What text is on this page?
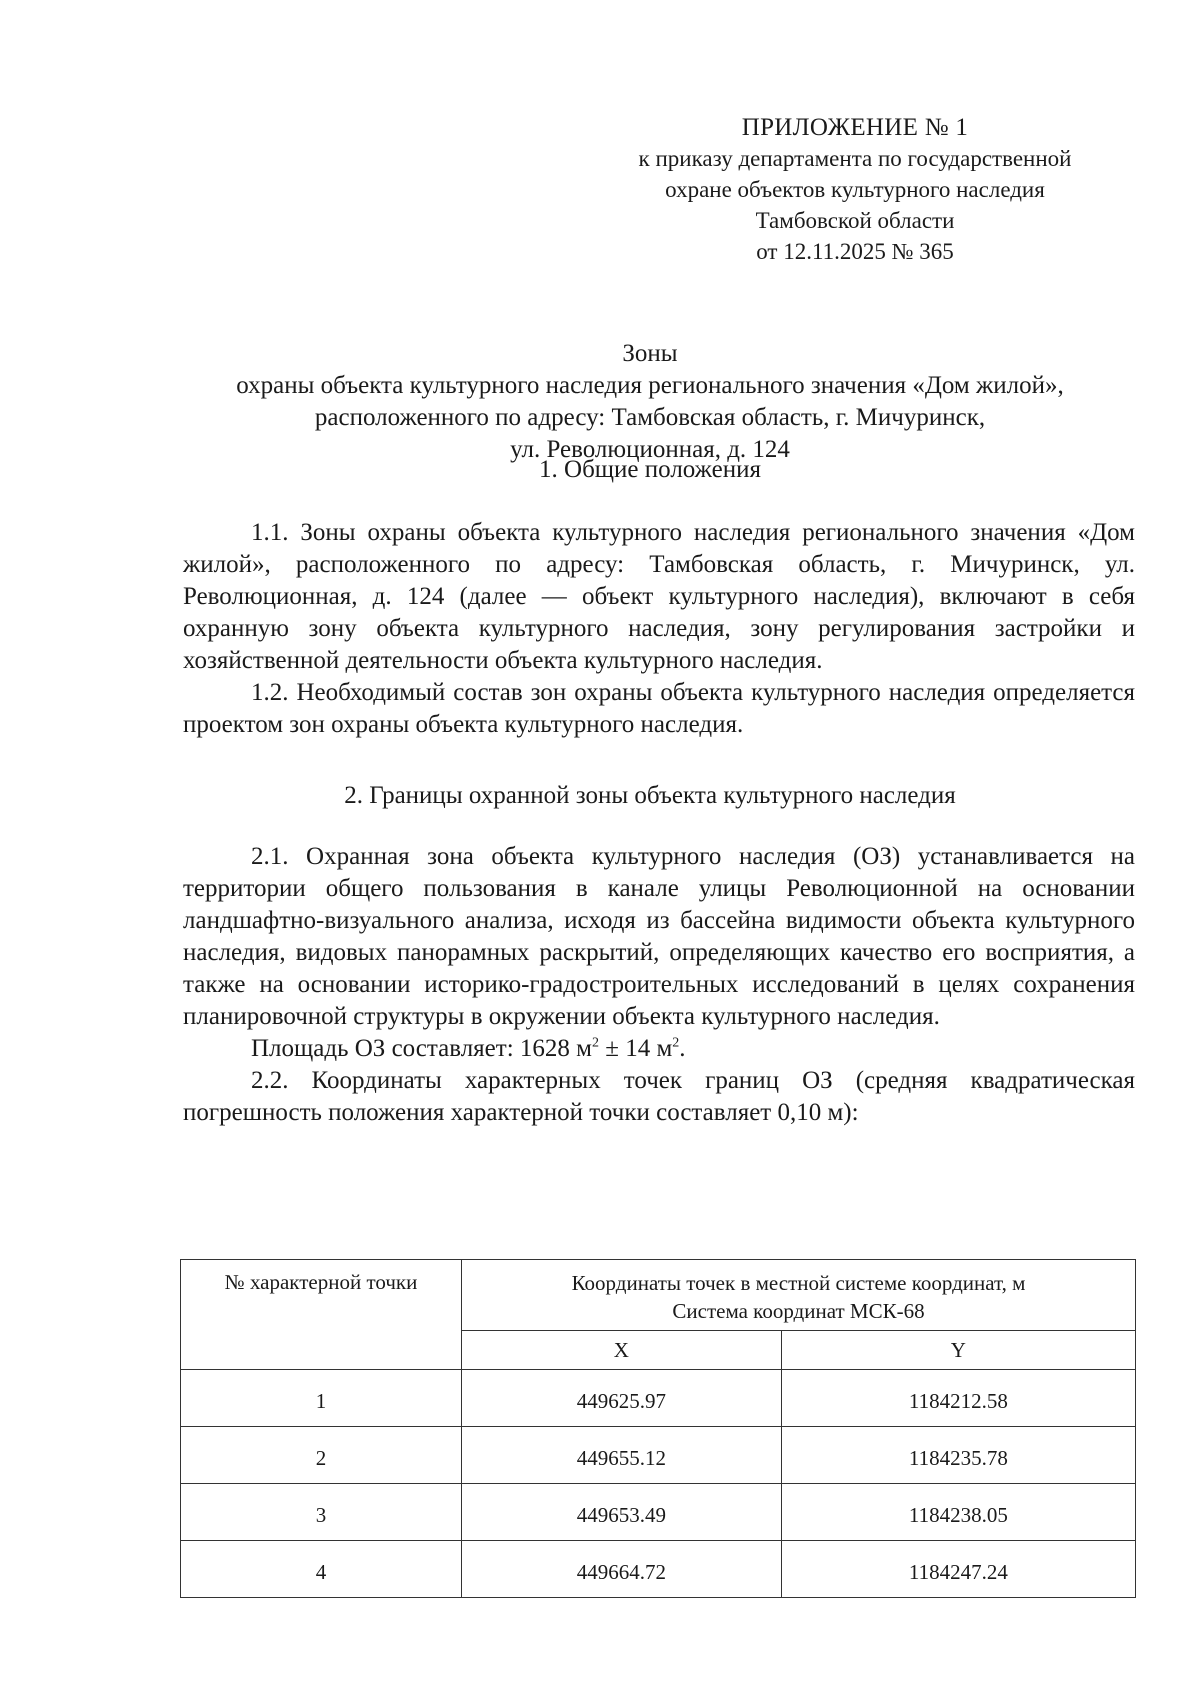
ПРИЛОЖЕНИЕ № 1
к приказу департамента по государственной
охране объектов культурного наследия
Тамбовской области
от 12.11.2025 № 365
Зоны
охраны объекта культурного наследия регионального значения «Дом жилой»,
расположенного по адресу: Тамбовская область, г. Мичуринск,
ул. Революционная, д. 124
1. Общие положения

1.1. Зоны охраны объекта культурного наследия регионального значения «Дом жилой», расположенного по адресу: Тамбовская область, г. Мичуринск, ул. Революционная, д. 124 (далее — объект культурного наследия), включают в себя охранную зону объекта культурного наследия, зону регулирования застройки и хозяйственной деятельности объекта культурного наследия.

1.2. Необходимый состав зон охраны объекта культурного наследия определяется проектом зон охраны объекта культурного наследия.

2. Границы охранной зоны объекта культурного наследия

2.1. Охранная зона объекта культурного наследия (ОЗ) устанавливается на территории общего пользования в канале улицы Революционной на основании ландшафтно-визуального анализа, исходя из бассейна видимости объекта культурного наследия, видовых панорамных раскрытий, определяющих качество его восприятия, а также на основании историко-градостроительных исследований в целях сохранения планировочной структуры в окружении объекта культурного наследия.

Площадь ОЗ составляет: 1628 $м^2 \pm 14$ $м^2$.

2.2. Координаты характерных точек границ ОЗ (средняя квадратическая погрешность положения характерной точки составляет 0,10 м):

№ характерной точки	Координаты точек в местной системе координат, м
Система координат МСК-68	

	X	Y
1	449625.97	1184212.58
2	449655.12	1184235.78
3	449653.49	1184238.05
4	449664.72	1184247.24
